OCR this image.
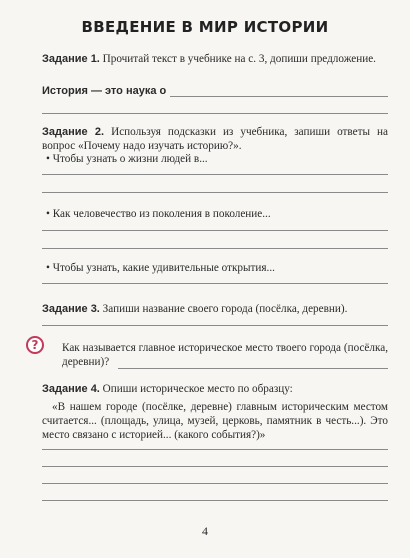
ВВЕДЕНИЕ В МИР ИСТОРИИ
Задание 1. Прочитай текст в учебнике на с. 3, допиши предложение.
История — это наука о
Задание 2. Используя подсказки из учебника, запиши ответы на вопрос «Почему надо изучать историю?».
• Чтобы узнать о жизни людей в...
• Как человечество из поколения в поколение...
• Чтобы узнать, какие удивительные открытия...
Задание 3. Запиши название своего города (посёлка, деревни).
?	Как называется главное историческое место твоего города (посёлка, деревни)?
Задание 4. Опиши историческое место по образцу:
«В нашем городе (посёлке, деревне) главным историческим местом считается... (площадь, улица, музей, церковь, памятник в честь...). Это место связано с историей... (какого события?)»
4
